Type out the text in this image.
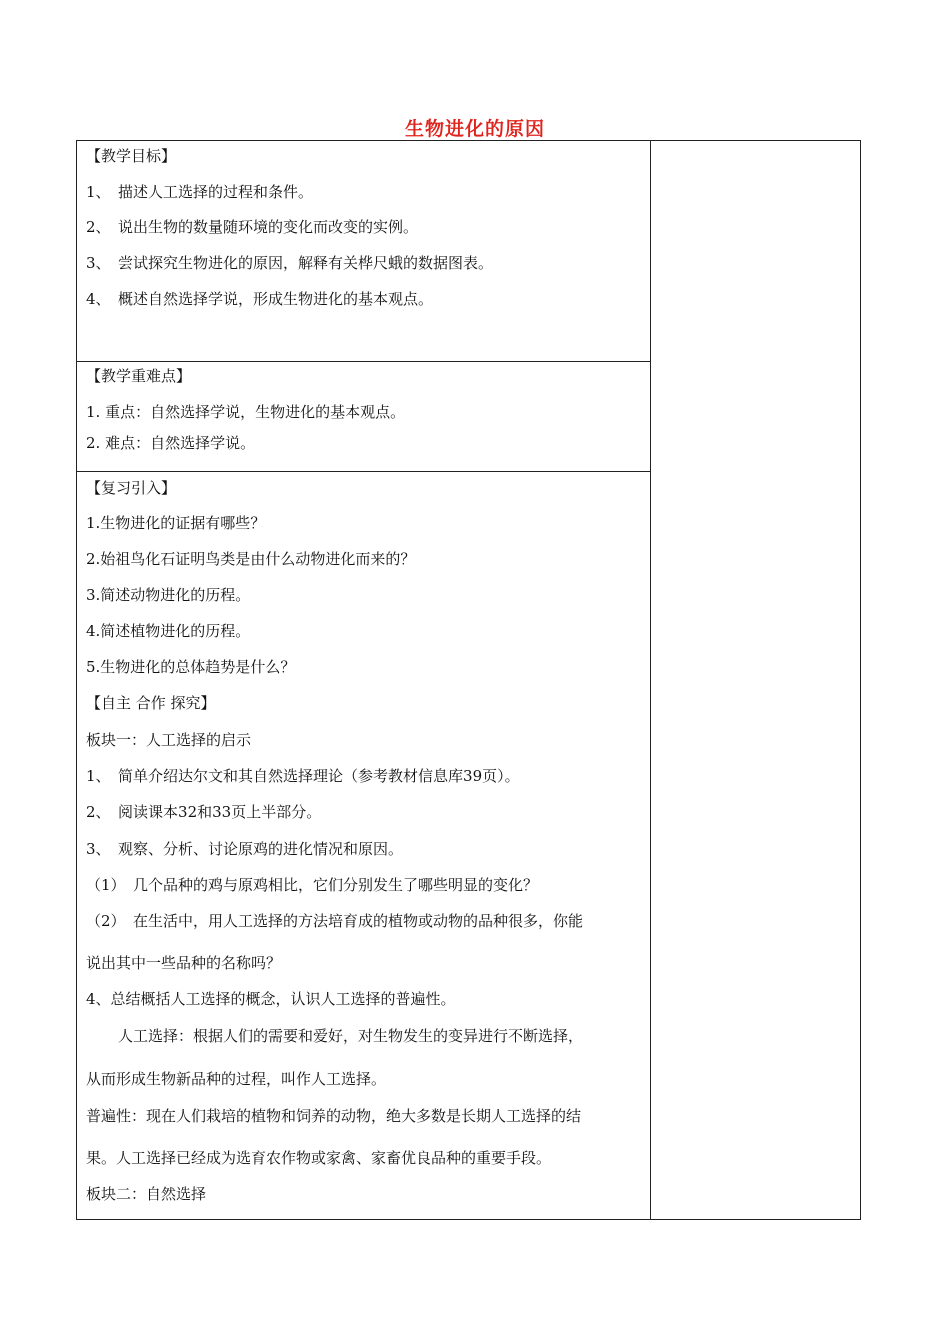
生物进化的原因
【教学目标】
1、　描述人工选择的过程和条件。
2、　说出生物的数量随环境的变化而改变的实例。
3、　尝试探究生物进化的原因，解释有关桦尺蛾的数据图表。
4、　概述自然选择学说，形成生物进化的基本观点。
【教学重难点】
1. 重点：自然选择学说，生物进化的基本观点。
2. 难点：自然选择学说。
【复习引入】
1.生物进化的证据有哪些？
2.始祖鸟化石证明鸟类是由什么动物进化而来的？
3.简述动物进化的历程。
4.简述植物进化的历程。
5.生物进化的总体趋势是什么？
【自主 合作 探究】
板块一：人工选择的启示
1、　简单介绍达尔文和其自然选择理论（参考教材信息库39页）。
2、　阅读课本32和33页上半部分。
3、　观察、分析、讨论原鸡的进化情况和原因。
（1）　几个品种的鸡与原鸡相比，它们分别发生了哪些明显的变化？
（2）　在生活中，用人工选择的方法培育成的植物或动物的品种很多，你能
说出其中一些品种的名称吗？
4、总结概括人工选择的概念，认识人工选择的普遍性。
人工选择：根据人们的需要和爱好，对生物发生的变异进行不断选择，
从而形成生物新品种的过程，叫作人工选择。
普遍性：现在人们栽培的植物和饲养的动物，绝大多数是长期人工选择的结
果。人工选择已经成为选育农作物或家禽、家畜优良品种的重要手段。
板块二：自然选择
